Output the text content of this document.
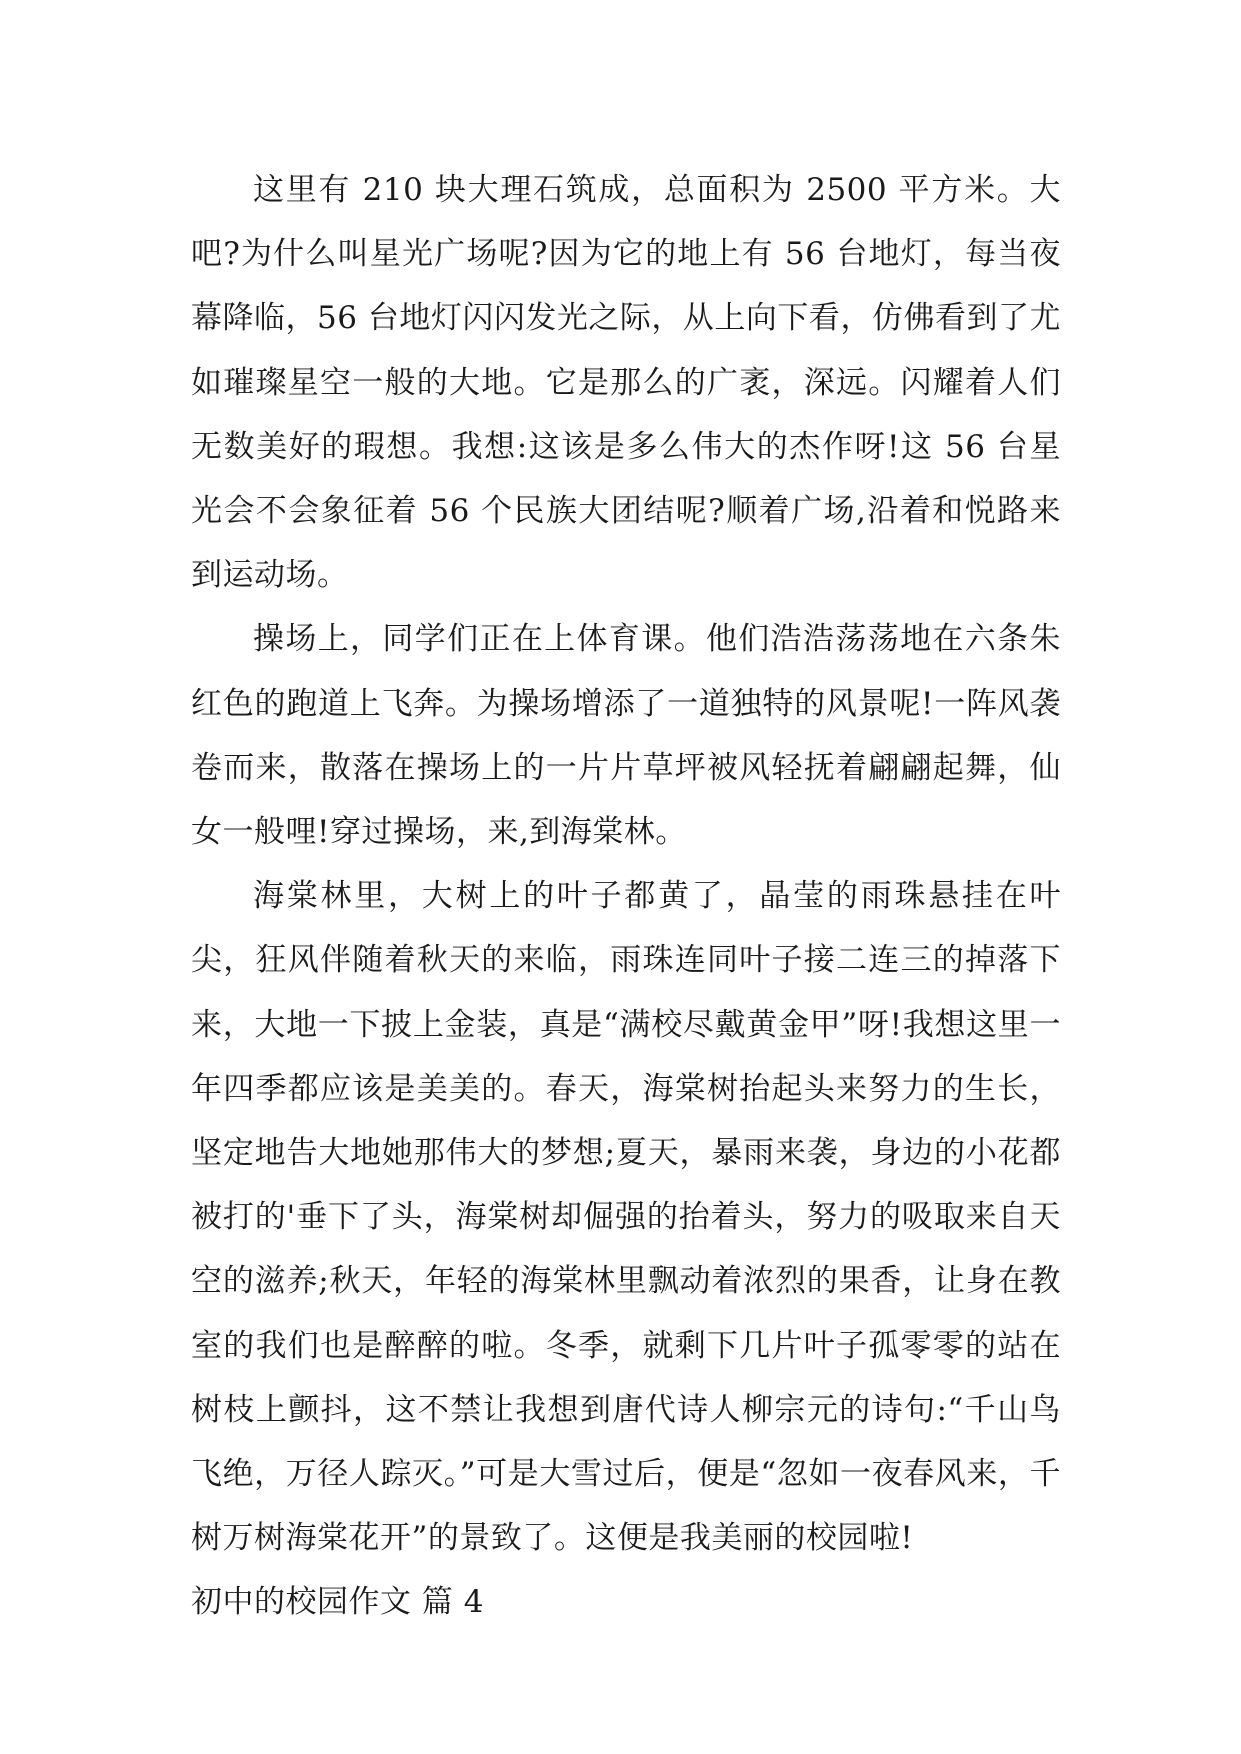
这里有 210 块大理石筑成，总面积为 2500 平方米。大吧?为什么叫星光广场呢?因为它的地上有 56 台地灯，每当夜幕降临，56 台地灯闪闪发光之际，从上向下看，仿佛看到了尤如璀璨星空一般的大地。它是那么的广袤，深远。闪耀着人们无数美好的瑕想。我想:这该是多么伟大的杰作呀!这 56 台星光会不会象征着 56 个民族大团结呢?顺着广场,沿着和悦路来到运动场。

操场上，同学们正在上体育课。他们浩浩荡荡地在六条朱红色的跑道上飞奔。为操场增添了一道独特的风景呢!一阵风袭卷而来，散落在操场上的一片片草坪被风轻抚着翩翩起舞，仙女一般哩!穿过操场，来,到海棠林。

海棠林里，大树上的叶子都黄了，晶莹的雨珠悬挂在叶尖，狂风伴随着秋天的来临，雨珠连同叶子接二连三的掉落下来，大地一下披上金装，真是“满校尽戴黄金甲”呀!我想这里一年四季都应该是美美的。春天，海棠树抬起头来努力的生长，坚定地告大地她那伟大的梦想;夏天，暴雨来袭，身边的小花都被打的'垂下了头，海棠树却倔强的抬着头，努力的吸取来自天空的滋养;秋天，年轻的海棠林里飘动着浓烈的果香，让身在教室的我们也是醉醉的啦。冬季，就剩下几片叶子孤零零的站在树枝上颤抖，这不禁让我想到唐代诗人柳宗元的诗句:“千山鸟飞绝，万径人踪灭。”可是大雪过后，便是“忽如一夜春风来，千树万树海棠花开”的景致了。这便是我美丽的校园啦!

初中的校园作文 篇 4
